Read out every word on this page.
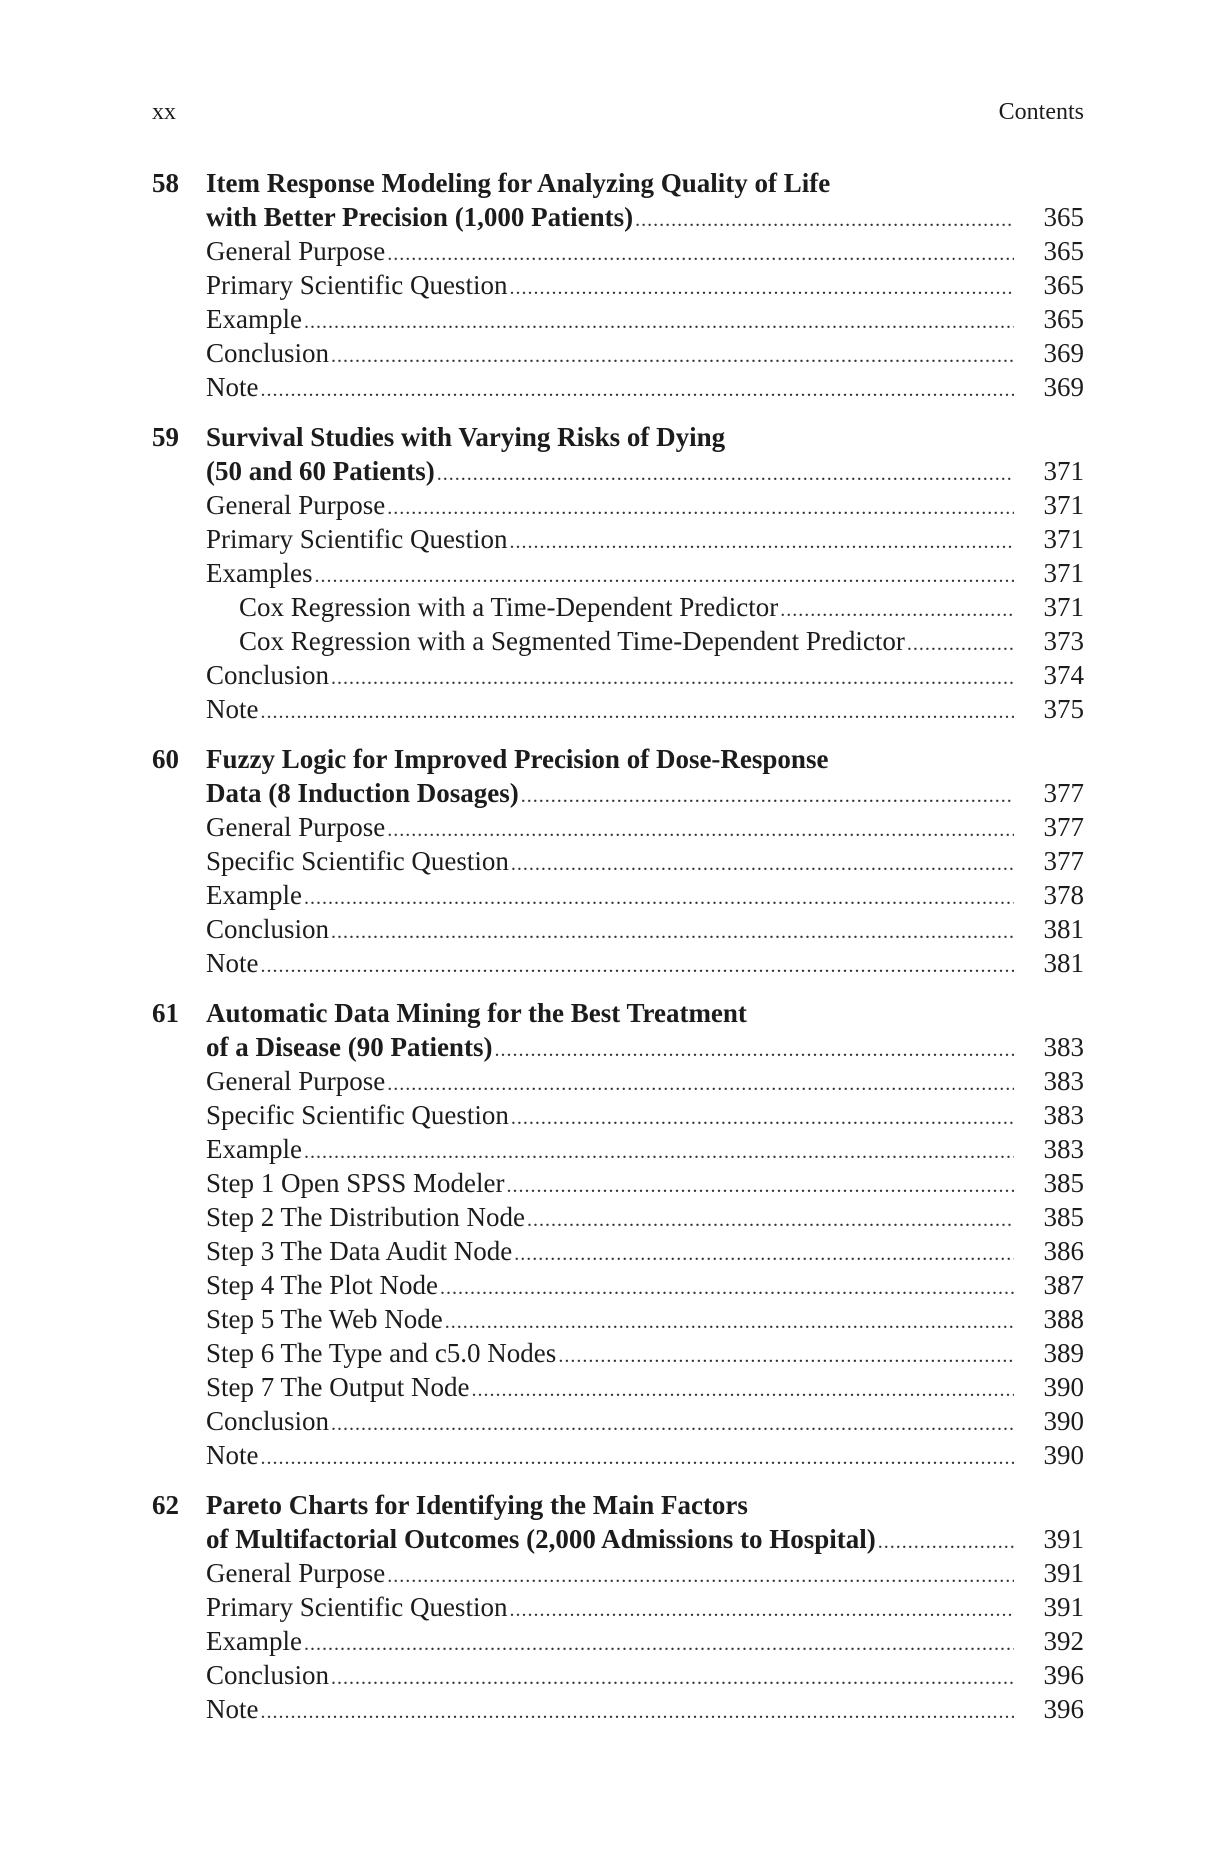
xx	Contents
58 Item Response Modeling for Analyzing Quality of Life
with Better Precision (1,000 Patients) .....	365
General Purpose .....	365
Primary Scientific Question .....	365
Example .....	365
Conclusion .....	369
Note .....	369
59 Survival Studies with Varying Risks of Dying
(50 and 60 Patients) .....	371
General Purpose .....	371
Primary Scientific Question .....	371
Examples .....	371
Cox Regression with a Time-Dependent Predictor .....	371
Cox Regression with a Segmented Time-Dependent Predictor .....	373
Conclusion .....	374
Note .....	375
60 Fuzzy Logic for Improved Precision of Dose-Response
Data (8 Induction Dosages) .....	377
General Purpose .....	377
Specific Scientific Question .....	377
Example .....	378
Conclusion .....	381
Note .....	381
61 Automatic Data Mining for the Best Treatment
of a Disease (90 Patients) .....	383
General Purpose .....	383
Specific Scientific Question .....	383
Example .....	383
Step 1 Open SPSS Modeler .....	385
Step 2 The Distribution Node .....	385
Step 3 The Data Audit Node .....	386
Step 4 The Plot Node .....	387
Step 5 The Web Node .....	388
Step 6 The Type and c5.0 Nodes .....	389
Step 7 The Output Node .....	390
Conclusion .....	390
Note .....	390
62 Pareto Charts for Identifying the Main Factors
of Multifactorial Outcomes (2,000 Admissions to Hospital) .....	391
General Purpose .....	391
Primary Scientific Question .....	391
Example .....	392
Conclusion .....	396
Note .....	396
